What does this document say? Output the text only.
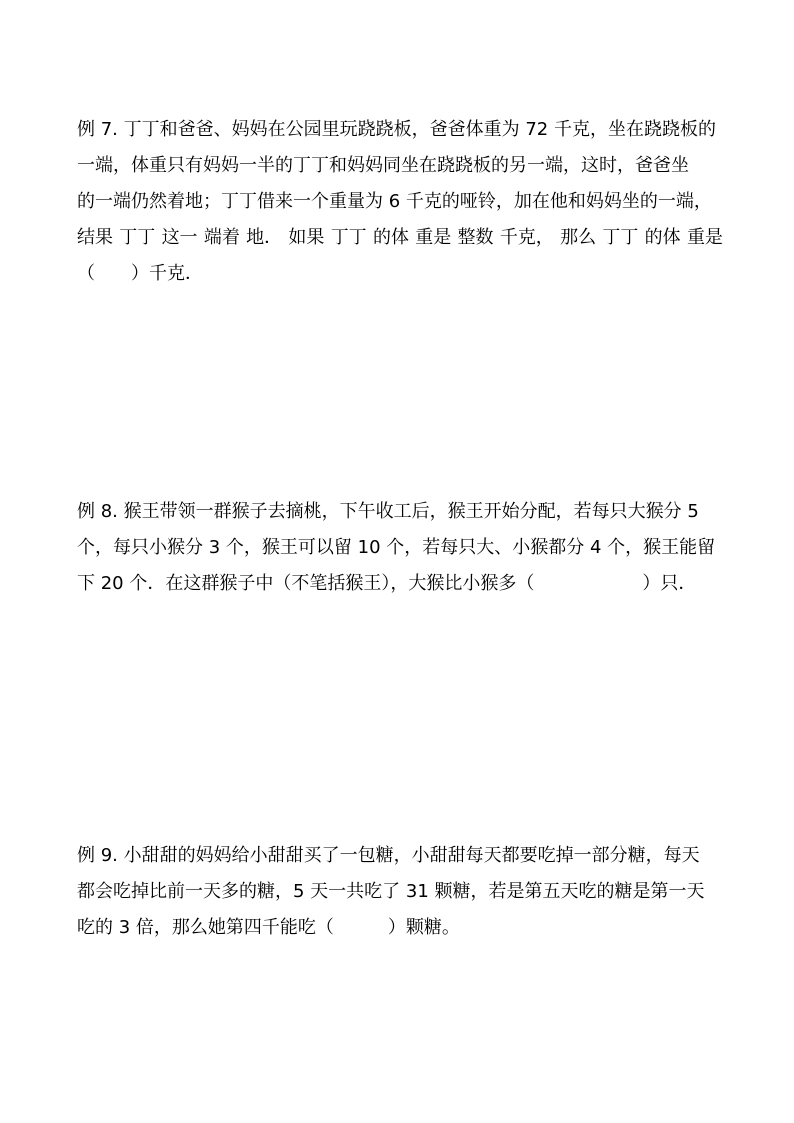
例 7. 丁丁和爸爸、妈妈在公园里玩跷跷板，爸爸体重为 72 千克，坐在跷跷板的
一端，体重只有妈妈一半的丁丁和妈妈同坐在跷跷板的另一端，这时，爸爸坐
的一端仍然着地；丁丁借来一个重量为 6 千克的哑铃，加在他和妈妈坐的一端，
结果 丁丁 这一 端着 地． 如果 丁丁 的体 重是 整数 千克， 那么 丁丁 的体 重是
（　　）千克．
例 8. 猴王带领一群猴子去摘桃，下午收工后，猴王开始分配，若每只大猴分 5
个，每只小猴分 3 个，猴王可以留 10 个，若每只大、小猴都分 4 个，猴王能留
下 20 个．在这群猴子中（不笔括猴王），大猴比小猴多（　　　　　　）只．
例 9. 小甜甜的妈妈给小甜甜买了一包糖，小甜甜每天都要吃掉一部分糖，每天
都会吃掉比前一天多的糖，5 天一共吃了 31 颗糖，若是第五天吃的糖是第一天
吃的 3 倍，那么她第四千能吃（　　　）颗糖。
